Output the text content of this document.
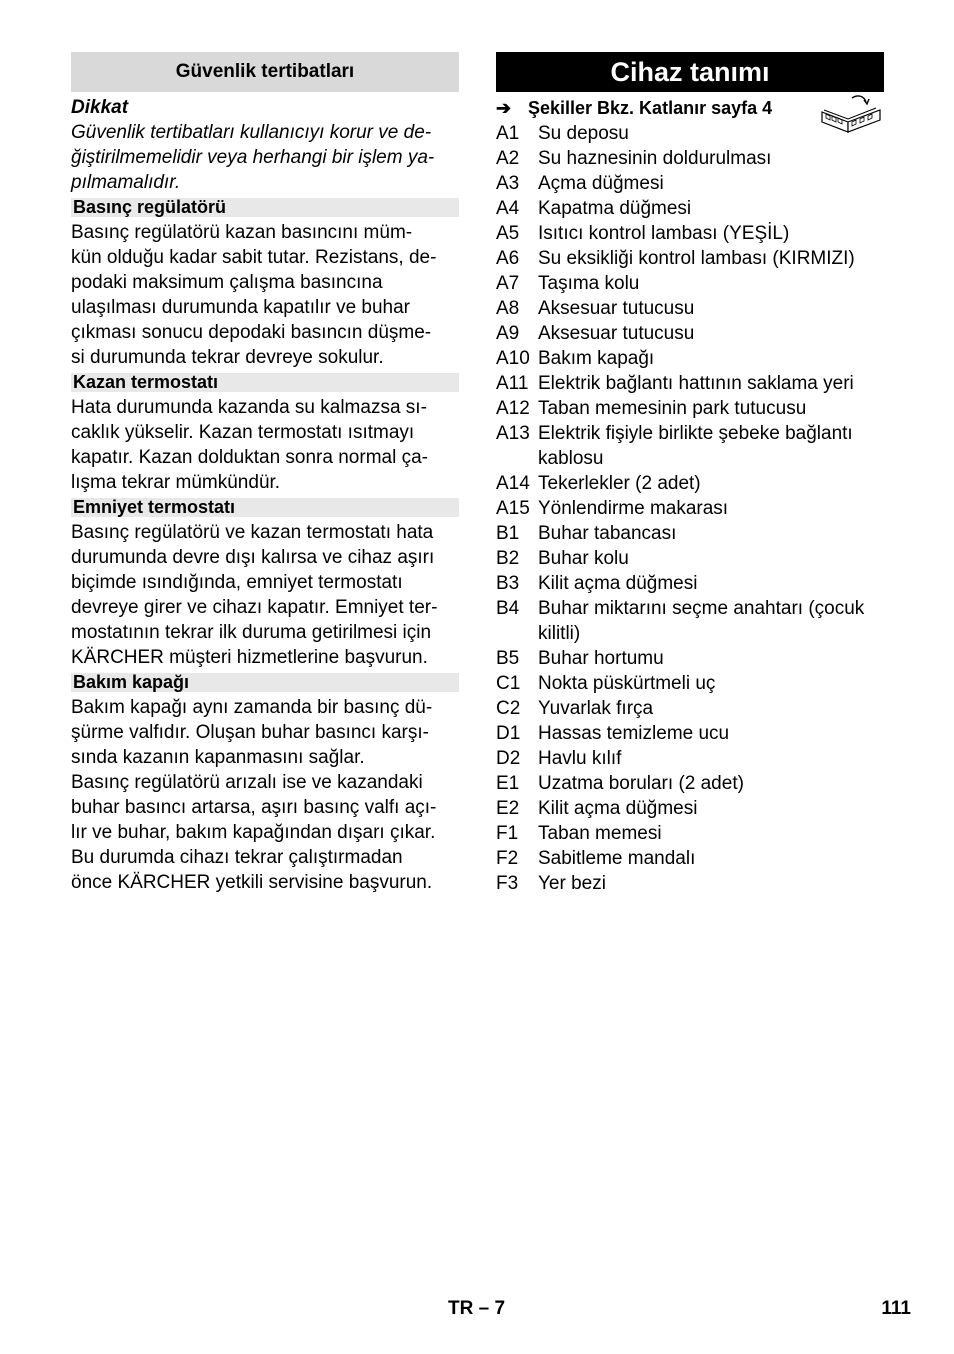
Güvenlik tertibatları
Dikkat
Güvenlik tertibatları kullanıcıyı korur ve de-
ğiştirilmemelidir veya herhangi bir işlem ya-
pılmamalıdır.
Basınç regülatörü
Basınç regülatörü kazan basıncını müm-
kün olduğu kadar sabit tutar. Rezistans, de-
podaki maksimum çalışma basıncına
ulaşılması durumunda kapatılır ve buhar
çıkması sonucu depodaki basıncın düşme-
si durumunda tekrar devreye sokulur.
Kazan termostatı
Hata durumunda kazanda su kalmazsa sı-
caklık yükselir. Kazan termostatı ısıtmayı
kapatır. Kazan dolduktan sonra normal ça-
lışma tekrar mümkündür.
Emniyet termostatı
Basınç regülatörü ve kazan termostatı hata
durumunda devre dışı kalırsa ve cihaz aşırı
biçimde ısındığında, emniyet termostatı
devreye girer ve cihazı kapatır. Emniyet ter-
mostatının tekrar ilk duruma getirilmesi için
KÄRCHER müşteri hizmetlerine başvurun.
Bakım kapağı
Bakım kapağı aynı zamanda bir basınç dü-
şürme valfıdır. Oluşan buhar basıncı karşı-
sında kazanın kapanmasını sağlar.
Basınç regülatörü arızalı ise ve kazandaki
buhar basıncı artarsa, aşırı basınç valfı açı-
lır ve buhar, bakım kapağından dışarı çıkar.
Bu durumda cihazı tekrar çalıştırmadan
önce KÄRCHER yetkili servisine başvurun.
Cihaz tanımı
➔ Şekiller Bkz. Katlanır sayfa 4
A1 Su deposu
A2 Su haznesinin doldurulması
A3 Açma düğmesi
A4 Kapatma düğmesi
A5 Isıtıcı kontrol lambası (YEŞİL)
A6 Su eksikliği kontrol lambası (KIRMIZI)
A7 Taşıma kolu
A8 Aksesuar tutucusu
A9 Aksesuar tutucusu
A10 Bakım kapağı
A11 Elektrik bağlantı hattının saklama yeri
A12 Taban memesinin park tutucusu
A13 Elektrik fişiyle birlikte şebeke bağlantı
kablosu
A14 Tekerlekler (2 adet)
A15 Yönlendirme makarası
B1 Buhar tabancası
B2 Buhar kolu
B3 Kilit açma düğmesi
B4 Buhar miktarını seçme anahtarı (çocuk
kilitli)
B5 Buhar hortumu
C1 Nokta püskürtmeli uç
C2 Yuvarlak fırça
D1 Hassas temizleme ucu
D2 Havlu kılıf
E1 Uzatma boruları (2 adet)
E2 Kilit açma düğmesi
F1	Taban memesi
F2	Sabitleme mandalı
F3	Yer bezi
TR – 7	111
